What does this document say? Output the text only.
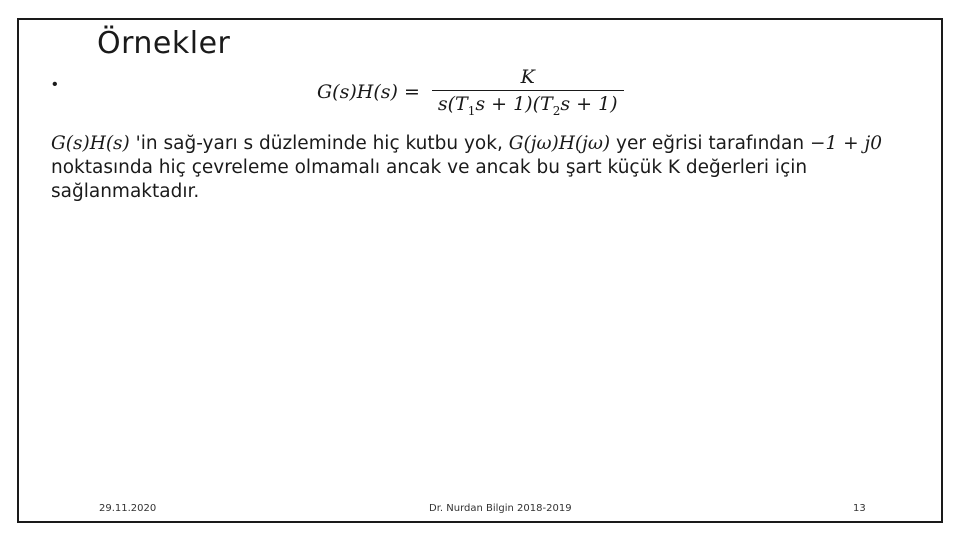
Örnekler
•	$G(s)H(s) = \frac{K}{s(T_1s + 1)(T_2s + 1)}$

G(s)H(s) 'in sağ-yarı s düzleminde hiç kutbu yok, G(jω)H(jω) yer eğrisi tarafından −1 + j0 noktasında hiç çevreleme olmamalı ancak ve ancak bu şart küçük K değerleri için sağlanmaktadır.

29.11.2020	Dr. Nurdan Bilgin 2018-2019	13
